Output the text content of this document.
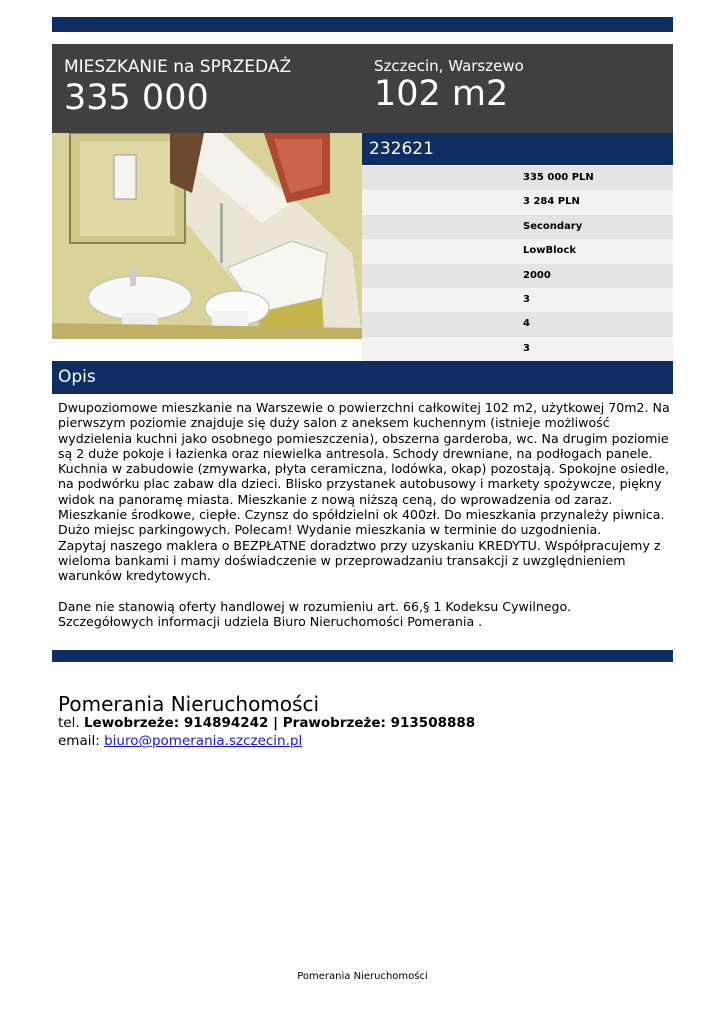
MIESZKANIE na SPRZEDAŻ
335 000
Szczecin, Warszewo
102 m2
232621
335 000 PLN
3 284 PLN
Secondary
LowBlock
2000
3
4
3
Opis

Dwupoziomowe mieszkanie na Warszewie o powierzchni całkowitej 102 m2, użytkowej 70m2. Na pierwszym poziomie znajduje się duży salon z aneksem kuchennym (istnieje możliwość wydzielenia kuchni jako osobnego pomieszczenia), obszerna garderoba, wc. Na drugim poziomie są 2 duże pokoje i łazienka oraz niewielka antresola. Schody drewniane, na podłogach panele. Kuchnia w zabudowie (zmywarka, płyta ceramiczna, lodówka, okap) pozostają. Spokojne osiedle, na podwórku plac zabaw dla dzieci. Blisko przystanek autobusowy i markety spożywcze, piękny widok na panoramę miasta. Mieszkanie z nową niższą ceną, do wprowadzenia od zaraz. Mieszkanie środkowe, ciepłe. Czynsz do spółdzielni ok 400zł. Do mieszkania przynależy piwnica. Dużo miejsc parkingowych. Polecam! Wydanie mieszkania w terminie do uzgodnienia.

Zapytaj naszego maklera o BEZPŁATNE doradztwo przy uzyskaniu KREDYTU. Współpracujemy z wieloma bankami i mamy doświadczenie w przeprowadzaniu transakcji z uwzględnieniem warunków kredytowych.

Dane nie stanowią oferty handlowej w rozumieniu art. 66,§ 1 Kodeksu Cywilnego. Szczegółowych informacji udziela Biuro Nieruchomości Pomerania .

Pomerania Nieruchomości
tel. Lewobrzeże: 914894242 | Prawobrzeże: 913508888
email: biuro@pomerania.szczecin.pl
Pomerania Nieruchomości
